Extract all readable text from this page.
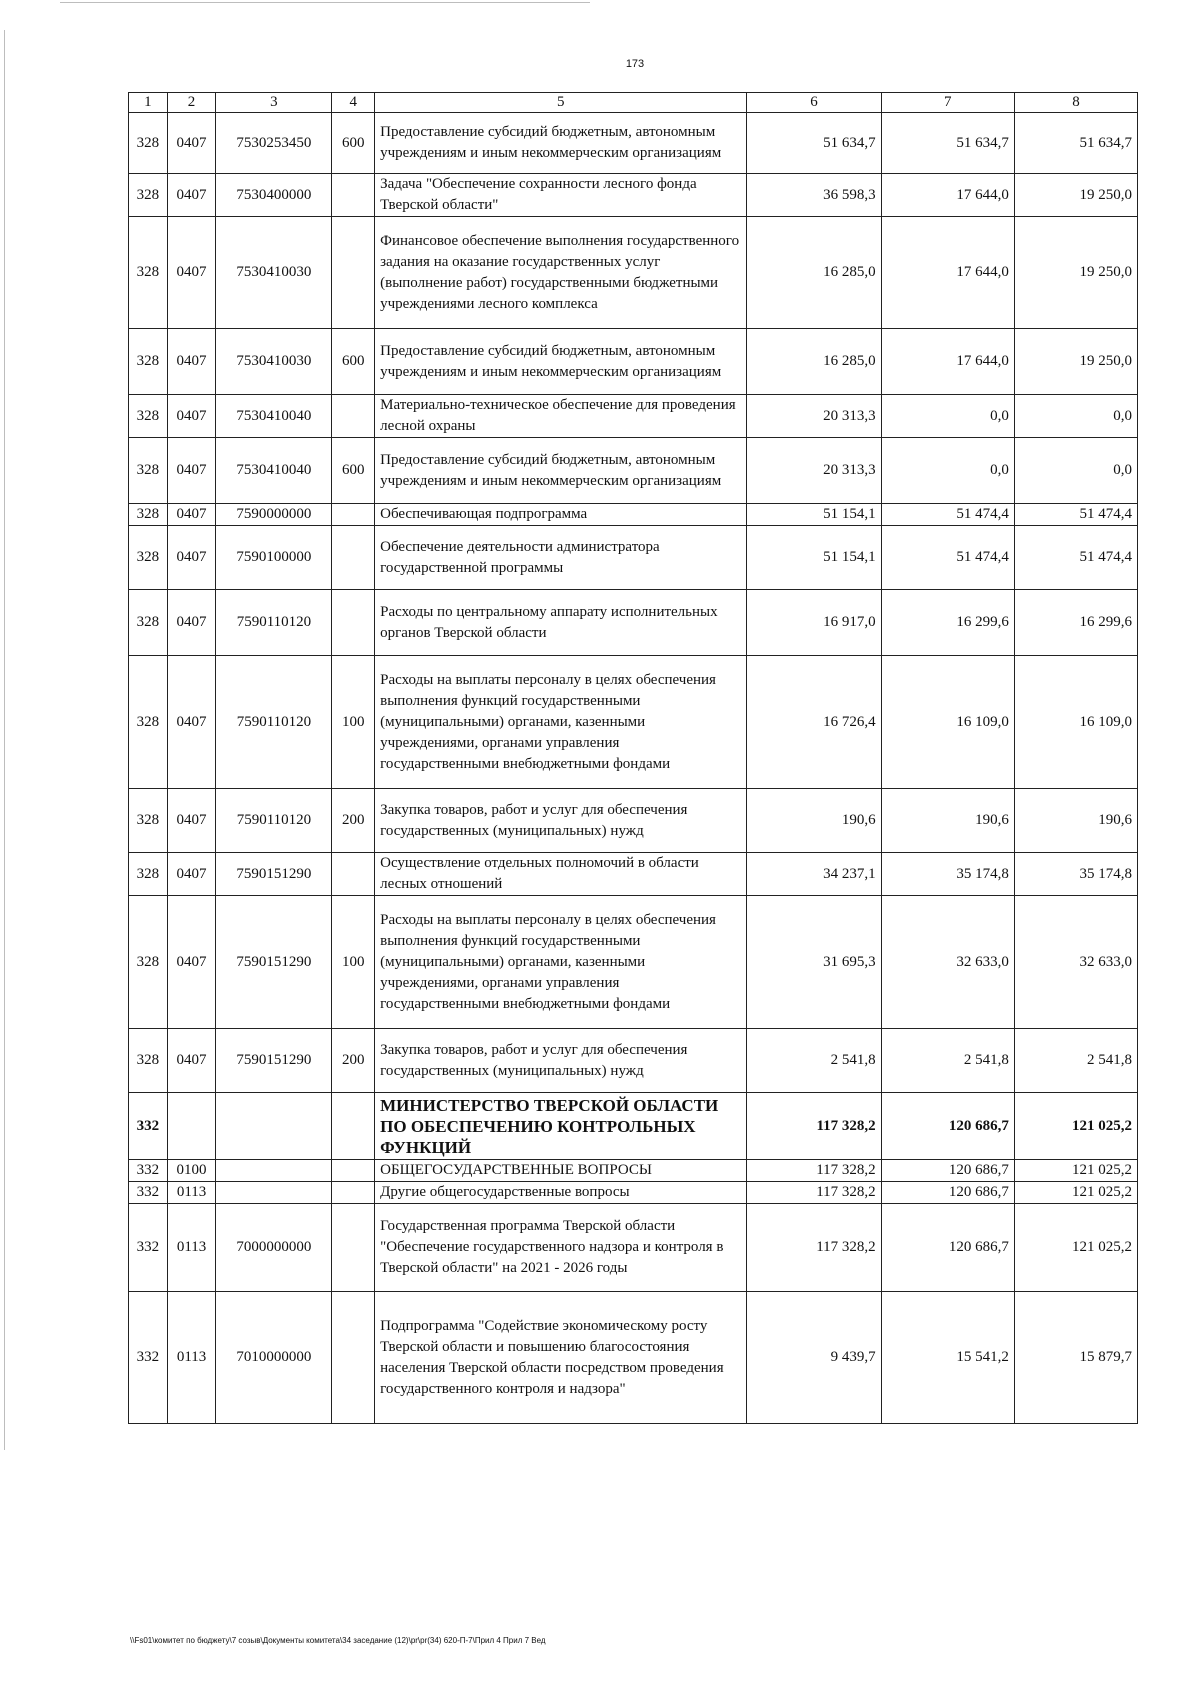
173
1	2	3	4	5	6	7	8
328	0407	7530253450	600	Предоставление субсидий бюджетным, автономным учреждениям и иным некоммерческим организациям	51 634,7	51 634,7	51 634,7
328	0407	7530400000		Задача "Обеспечение сохранности лесного фонда Тверской области"	36 598,3	17 644,0	19 250,0
328	0407	7530410030		Финансовое обеспечение выполнения государственного задания на оказание государственных услуг (выполнение работ) государственными бюджетными учреждениями лесного комплекса	16 285,0	17 644,0	19 250,0
328	0407	7530410030	600	Предоставление субсидий бюджетным, автономным учреждениям и иным некоммерческим организациям	16 285,0	17 644,0	19 250,0
328	0407	7530410040		Материально-техническое обеспечение для проведения лесной охраны	20 313,3	0,0	0,0
328	0407	7530410040	600	Предоставление субсидий бюджетным, автономным учреждениям и иным некоммерческим организациям	20 313,3	0,0	0,0
328	0407	7590000000		Обеспечивающая подпрограмма	51 154,1	51 474,4	51 474,4
328	0407	7590100000		Обеспечение деятельности администратора государственной программы	51 154,1	51 474,4	51 474,4
328	0407	7590110120		Расходы по центральному аппарату исполнительных органов Тверской области	16 917,0	16 299,6	16 299,6
328	0407	7590110120	100	Расходы на выплаты персоналу в целях обеспечения выполнения функций государственными (муниципальными) органами, казенными учреждениями, органами управления государственными внебюджетными фондами	16 726,4	16 109,0	16 109,0
328	0407	7590110120	200	Закупка товаров, работ и услуг для обеспечения государственных (муниципальных) нужд	190,6	190,6	190,6
328	0407	7590151290		Осуществление отдельных полномочий в области лесных отношений	34 237,1	35 174,8	35 174,8
328	0407	7590151290	100	Расходы на выплаты персоналу в целях обеспечения выполнения функций государственными (муниципальными) органами, казенными учреждениями, органами управления государственными внебюджетными фондами	31 695,3	32 633,0	32 633,0
328	0407	7590151290	200	Закупка товаров, работ и услуг для обеспечения государственных (муниципальных) нужд	2 541,8	2 541,8	2 541,8
332				МИНИСТЕРСТВО ТВЕРСКОЙ ОБЛАСТИ ПО ОБЕСПЕЧЕНИЮ КОНТРОЛЬНЫХ ФУНКЦИЙ	117 328,2	120 686,7	121 025,2
332	0100			ОБЩЕГОСУДАРСТВЕННЫЕ ВОПРОСЫ	117 328,2	120 686,7	121 025,2
332	0113			Другие общегосударственные вопросы	117 328,2	120 686,7	121 025,2
332	0113	7000000000		Государственная программа Тверской области "Обеспечение государственного надзора и контроля в Тверской области" на 2021 - 2026 годы	117 328,2	120 686,7	121 025,2
332	0113	7010000000		Подпрограмма "Содействие экономическому росту Тверской области и повышению благосостояния населения Тверской области посредством проведения государственного контроля и надзора"	9 439,7	15 541,2	15 879,7
\\Fs01\комитет по бюджету\7 созыв\Документы комитета\34 заседание (12)\pr\pr(34) 620-П-7\Прил 4 Прил 7 Вед
